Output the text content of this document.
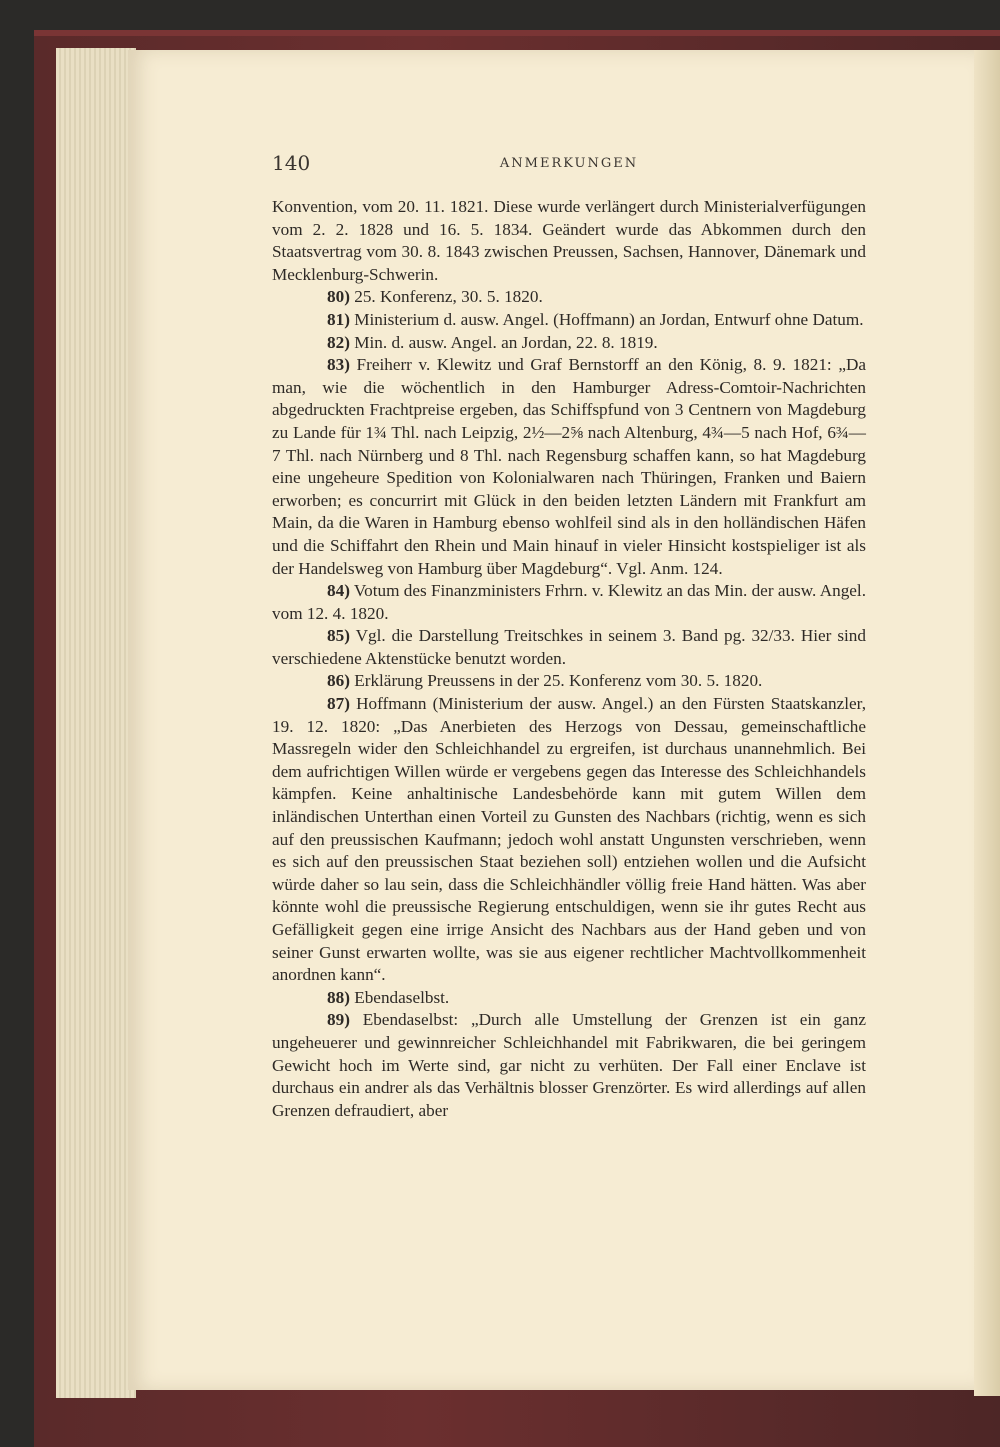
140	ANMERKUNGEN

Konvention, vom 20. 11. 1821. Diese wurde verlängert durch Ministerialverfügungen vom 2. 2. 1828 und 16. 5. 1834. Geändert wurde das Abkommen durch den Staatsvertrag vom 30. 8. 1843 zwischen Preussen, Sachsen, Hannover, Dänemark und Mecklenburg-Schwerin.

80) 25. Konferenz, 30. 5. 1820.

81) Ministerium d. ausw. Angel. (Hoffmann) an Jordan, Entwurf ohne Datum.

82) Min. d. ausw. Angel. an Jordan, 22. 8. 1819.

83) Freiherr v. Klewitz und Graf Bernstorff an den König, 8. 9. 1821: „Da man, wie die wöchentlich in den Hamburger Adress-Comtoir-Nachrichten abgedruckten Frachtpreise ergeben, das Schiffspfund von 3 Centnern von Magdeburg zu Lande für 1¾ Thl. nach Leipzig, 2½—2⅝ nach Altenburg, 4¾—5 nach Hof, 6¾—7 Thl. nach Nürnberg und 8 Thl. nach Regensburg schaffen kann, so hat Magdeburg eine ungeheure Spedition von Kolonialwaren nach Thüringen, Franken und Baiern erworben; es concurrirt mit Glück in den beiden letzten Ländern mit Frankfurt am Main, da die Waren in Hamburg ebenso wohlfeil sind als in den holländischen Häfen und die Schiffahrt den Rhein und Main hinauf in vieler Hinsicht kostspieliger ist als der Handelsweg von Hamburg über Magdeburg“. Vgl. Anm. 124.

84) Votum des Finanzministers Frhrn. v. Klewitz an das Min. der ausw. Angel. vom 12. 4. 1820.

85) Vgl. die Darstellung Treitschkes in seinem 3. Band pg. 32/33. Hier sind verschiedene Aktenstücke benutzt worden.

86) Erklärung Preussens in der 25. Konferenz vom 30. 5. 1820.

87) Hoffmann (Ministerium der ausw. Angel.) an den Fürsten Staatskanzler, 19. 12. 1820: „Das Anerbieten des Herzogs von Dessau, gemeinschaftliche Massregeln wider den Schleichhandel zu ergreifen, ist durchaus unannehmlich. Bei dem aufrichtigen Willen würde er vergebens gegen das Interesse des Schleichhandels kämpfen. Keine anhaltinische Landesbehörde kann mit gutem Willen dem inländischen Unterthan einen Vorteil zu Gunsten des Nachbars (richtig, wenn es sich auf den preussischen Kaufmann; jedoch wohl anstatt Ungunsten verschrieben, wenn es sich auf den preussischen Staat beziehen soll) entziehen wollen und die Aufsicht würde daher so lau sein, dass die Schleichhändler völlig freie Hand hätten. Was aber könnte wohl die preussische Regierung entschuldigen, wenn sie ihr gutes Recht aus Gefälligkeit gegen eine irrige Ansicht des Nachbars aus der Hand geben und von seiner Gunst erwarten wollte, was sie aus eigener rechtlicher Machtvollkommenheit anordnen kann“.

88) Ebendaselbst.

89) Ebendaselbst: „Durch alle Umstellung der Grenzen ist ein ganz ungeheuerer und gewinnreicher Schleichhandel mit Fabrikwaren, die bei geringem Gewicht hoch im Werte sind, gar nicht zu verhüten. Der Fall einer Enclave ist durchaus ein andrer als das Verhältnis blosser Grenzörter. Es wird allerdings auf allen Grenzen defraudiert, aber
